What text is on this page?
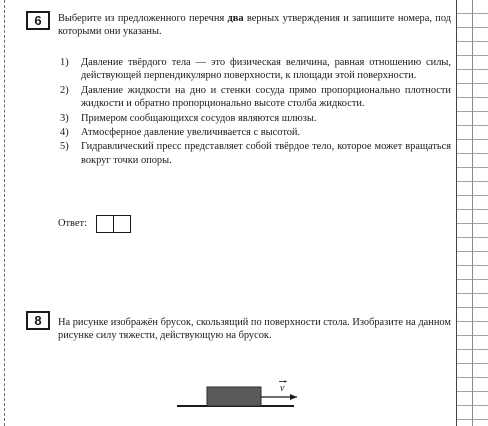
6	Выберите из предложенного перечня два верных утверждения и запишите номера, под которыми они указаны.
1) Давление твёрдого тела — это физическая величина, равная отношению силы, действующей перпендикулярно поверхности, к площади этой поверхности.
2) Давление жидкости на дно и стенки сосуда прямо пропорционально плотности жидкости и обратно пропорционально высоте столба жидкости.
3) Примером сообщающихся сосудов являются шлюзы.
4) Атмосферное давление увеличивается с высотой.
5) Гидравлический пресс представляет собой твёрдое тело, которое может вращаться вокруг точки опоры.
Ответ:
8	На рисунке изображён брусок, скользящий по поверхности стола. Изобразите на данном рисунке силу тяжести, действующую на брусок.
v
